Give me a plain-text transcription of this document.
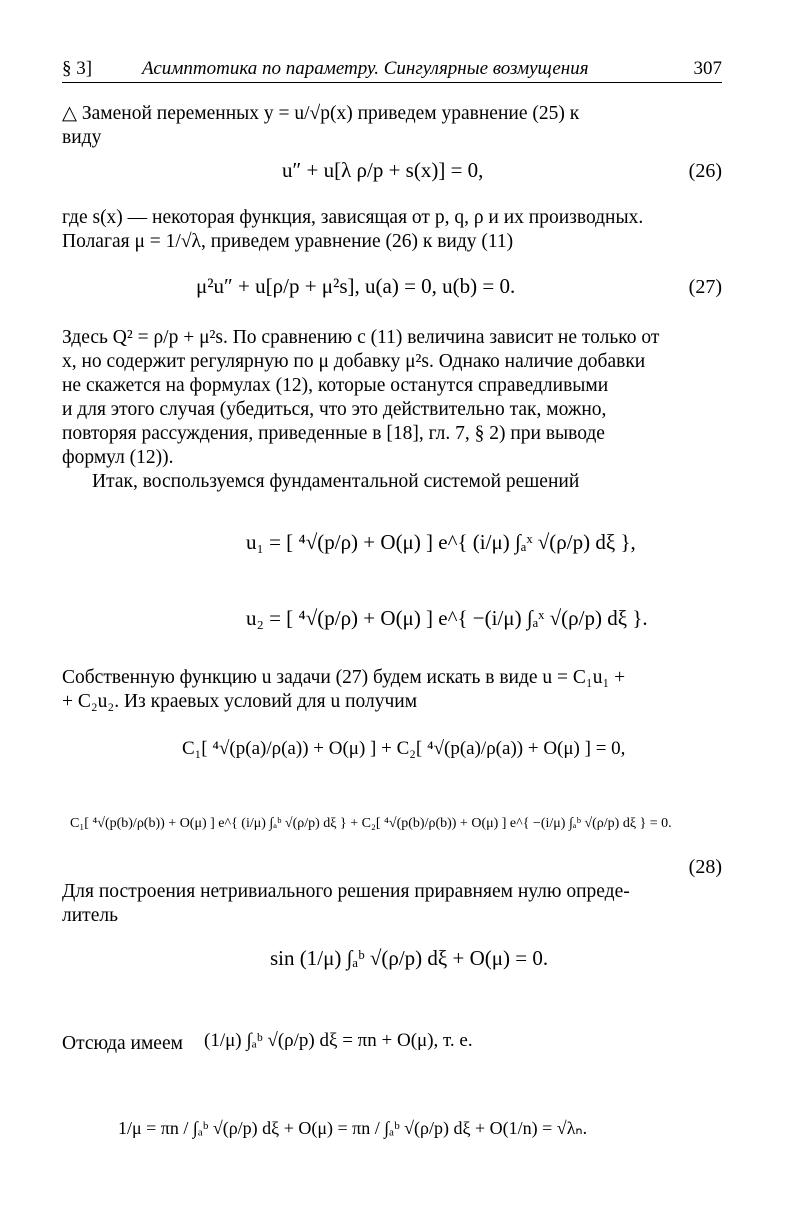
§ 3]	Асимптотика по параметру. Сингулярные возмущения	307
△ Заменой переменных y = u/√p(x) приведем уравнение (25) к
виду
u″ + u[λ ρ/p + s(x)] = 0,	(26)
где s(x) — некоторая функция, зависящая от p, q, ρ и их производных.
Полагая μ = 1/√λ, приведем уравнение (26) к виду (11)
μ²u″ + u[ρ/p + μ²s], u(a) = 0, u(b) = 0.	(27)
Здесь Q² = ρ/p + μ²s. По сравнению с (11) величина зависит не только от
x, но содержит регулярную по μ добавку μ²s. Однако наличие добавки
не скажется на формулах (12), которые останутся справедливыми
и для этого случая (убедиться, что это действительно так, можно,
повторяя рассуждения, приведенные в [18], гл. 7, § 2) при выводе
формул (12)).
Итак, воспользуемся фундаментальной системой решений
u₁ = [ ⁴√(p/ρ) + O(μ) ] e^{ (i/μ) ∫ₐˣ √(ρ/p) dξ },
u₂ = [ ⁴√(p/ρ) + O(μ) ] e^{ −(i/μ) ∫ₐˣ √(ρ/p) dξ }.
Собственную функцию u задачи (27) будем искать в виде u = C₁u₁ +
+ C₂u₂. Из краевых условий для u получим
C₁[ ⁴√(p(a)/ρ(a)) + O(μ) ] + C₂[ ⁴√(p(a)/ρ(a)) + O(μ) ] = 0,
C₁[ ⁴√(p(b)/ρ(b)) + O(μ) ] e^{ (i/μ) ∫ₐᵇ √(ρ/p) dξ } + C₂[ ⁴√(p(b)/ρ(b)) + O(μ) ] e^{ −(i/μ) ∫ₐᵇ √(ρ/p) dξ } = 0.
(28)
Для построения нетривиального решения приравняем нулю опреде-
литель
sin (1/μ) ∫ₐᵇ √(ρ/p) dξ + O(μ) = 0.
Отсюда имеем	(1/μ) ∫ₐᵇ √(ρ/p) dξ = πn + O(μ), т. е.
1/μ = πn / ∫ₐᵇ √(ρ/p) dξ + O(μ) = πn / ∫ₐᵇ √(ρ/p) dξ + O(1/n) = √λₙ.
